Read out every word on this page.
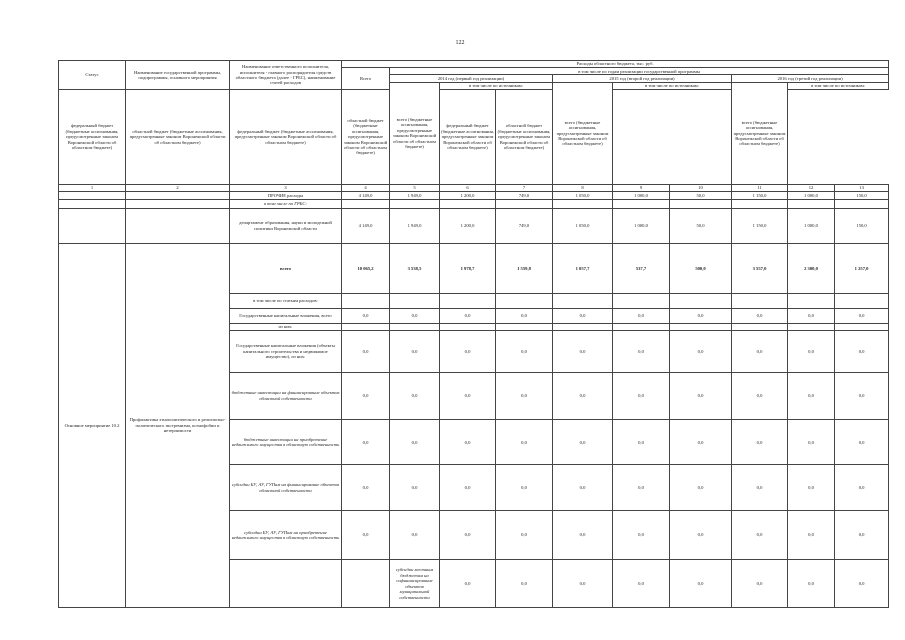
122
Статус	Наименование государственной программы, подпрограммы, основного мероприятия	Наименование ответственного исполнителя, исполнителя - главного распорядителя средств областного бюджета (далее - ГРБС), наименование статей расходов	Расходы областного бюджета, тыс. руб.										
			Всего	в том числе по годам реализации государственной программы									
				2014 год (первый год реализации)			2015 год (второй год реализации)			2016 год (третий год реализации)			
				всего (бюджетные ассигнования, предусмотренные законом Воронежской области об областном бюджете)	в том числе по источникам:		всего (бюджетные ассигнования, предусмотренные законом Воронежской области об областном бюджете)	в том числе по источникам:		всего (бюджетные ассигнования, предусмотренные законом Воронежской области об областном бюджете)	в том числе по источникам:		
федеральный бюджет (бюджетные ассигнования, предусмотренные законом Воронежской области об областном бюджете)	областной бюджет (бюджетные ассигнования, предусмотренные законом Воронежской области об областном бюджете)	федеральный бюджет (бюджетные ассигнования, предусмотренные законом Воронежской области об областном бюджете)	областной бюджет (бюджетные ассигнования, предусмотренные законом Воронежской области об областном бюджете)		федеральный бюджет (бюджетные ассигнования, предусмотренные законом Воронежской области об областном бюджете)	областной бюджет (бюджетные ассигнования, предусмотренные законом Воронежской области об областном бюджете)							
1	2	3	4	5	6	7	8	9	10	11	12	13	
		ПРОЧИЕ расходы	4 149,0	1 949,0	1 200,0	749,0	1 050,0	1 000,0	50,0	1 150,0	1 000,0	150,0	
		в том числе по ГРБС:											
		департамент образования, науки и молодежной политики Воронежской области	4 149,0	1 949,0	1 200,0	749,0	1 050,0	1 000,0	50,0	1 150,0	1 000,0	150,0	
Основное мероприятие 10.2	Профилактика этнополитического и религиозно-политического экстремизма, ксенофобии и нетерпимости	всего	10 065,2	3 538,5	1 978,7	1 559,8	1 057,7	537,7	500,0	3 557,0	2 300,0	1 257,0	
		в том числе по статьям расходов:											
		Государственные капитальные вложения, всего	0,0	0,0	0,0	0,0	0,0	0,0	0,0	0,0	0,0	0,0	
		из них:											
		Государственные капитальные вложения (объекты капитального строительства и недвижимое имущество), из них:	0,0	0,0	0,0	0,0	0,0	0,0	0,0	0,0	0,0	0,0	
		бюджетные инвестиции на финансирование объектов областной собственности	0,0	0,0	0,0	0,0	0,0	0,0	0,0	0,0	0,0	0,0	
		бюджетные инвестиции на приобретение недвижимого имущества в областную собственность	0,0	0,0	0,0	0,0	0,0	0,0	0,0	0,0	0,0	0,0	
		субсидии БУ, АУ, ГУПам на финансирование объектов областной собственности	0,0	0,0	0,0	0,0	0,0	0,0	0,0	0,0	0,0	0,0	
		субсидии БУ, АУ, ГУПам на приобретение недвижимого имущества в областную собственность	0,0	0,0	0,0	0,0	0,0	0,0	0,0	0,0	0,0	0,0	
				субсидии местным бюджетам на софинансирование объектов муниципальной собственности	0,0	0,0	0,0	0,0	0,0	0,0	0,0	0,0		
